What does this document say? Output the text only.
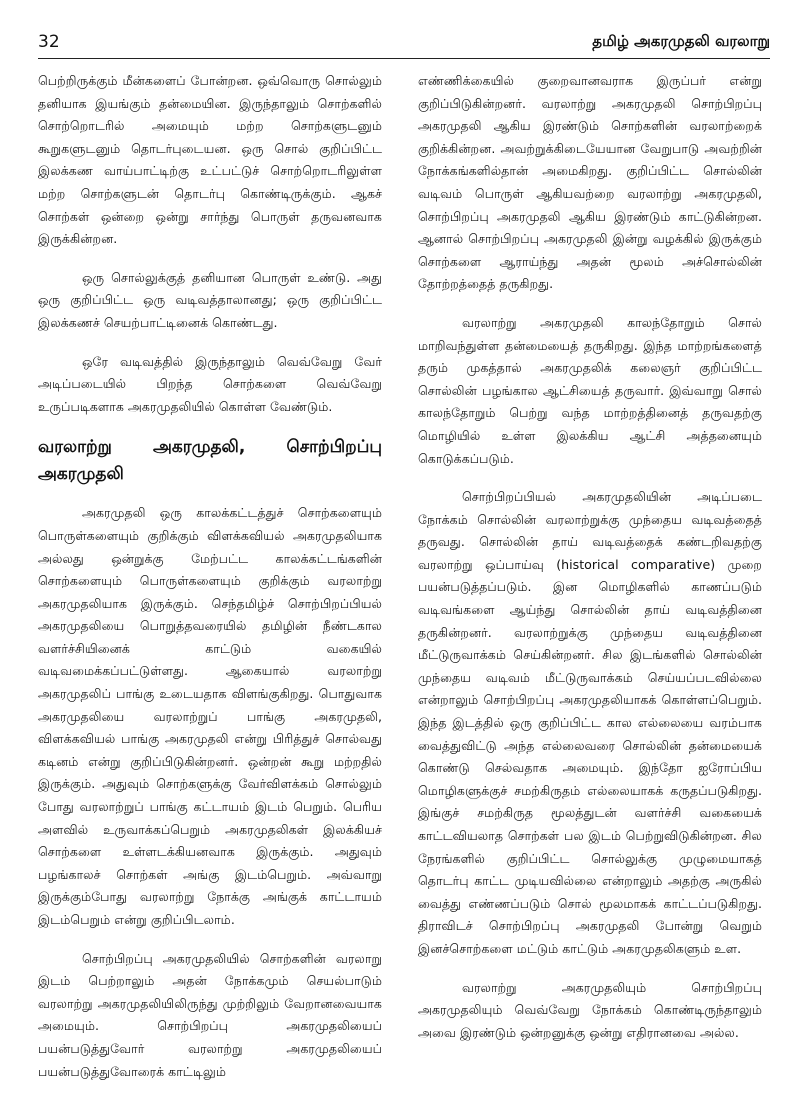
32	தமிழ் அகரமுதலி வரலாறு

பெற்றிருக்கும் மீன்களைப் போன்றன. ஒவ்வொரு சொல்லும் தனியாக இயங்கும் தன்மையின. இருந்தாலும் சொற்களில் சொற்றொடரில் அமையும் மற்ற சொற்களுடனும் கூறுகளுடனும் தொடர்புடையன. ஒரு சொல் குறிப்பிட்ட இலக்கண வாய்பாட்டிற்கு உட்பட்டுச் சொற்றொடரிலுள்ள மற்ற சொற்களுடன் தொடர்பு கொண்டிருக்கும். ஆகச் சொற்கள் ஒன்றை ஒன்று சார்ந்து பொருள் தருவனவாக இருக்கின்றன.

ஒரு சொல்லுக்குத் தனியான பொருள் உண்டு. அது ஒரு குறிப்பிட்ட ஒரு வடிவத்தாலானது; ஒரு குறிப்பிட்ட இலக்கணச் செயற்பாட்டினைக் கொண்டது.

ஒரே வடிவத்தில் இருந்தாலும் வெவ்வேறு வேர் அடிப்படையில் பிறந்த சொற்களை வெவ்வேறு உருப்படிகளாக அகரமுதலியில் கொள்ள வேண்டும்.

வரலாற்று அகரமுதலி, சொற்பிறப்பு அகரமுதலி

அகரமுதலி ஒரு காலக்கட்டத்துச் சொற்களையும் பொருள்களையும் குறிக்கும் விளக்கவியல் அகரமுதலியாக அல்லது ஒன்றுக்கு மேற்பட்ட காலக்கட்டங்களின் சொற்களையும் பொருள்களையும் குறிக்கும் வரலாற்று அகரமுதலியாக இருக்கும். செந்தமிழ்ச் சொற்பிறப்பியல் அகரமுதலியை பொறுத்தவரையில் தமிழின் நீண்டகால வளர்ச்சியினைக் காட்டும் வகையில் வடிவமைக்கப்பட்டுள்ளது. ஆகையால் வரலாற்று அகரமுதலிப் பாங்கு உடையதாக விளங்குகிறது. பொதுவாக அகரமுதலியை வரலாற்றுப் பாங்கு அகரமுதலி, விளக்கவியல் பாங்கு அகரமுதலி என்று பிரித்துச் சொல்வது கடினம் என்று குறிப்பிடுகின்றனர். ஒன்றன் கூறு மற்றதில் இருக்கும். அதுவும் சொற்களுக்கு வேர்விளக்கம் சொல்லும் போது வரலாற்றுப் பாங்கு கட்டாயம் இடம் பெறும். பெரிய அளவில் உருவாக்கப்பெறும் அகரமுதலிகள் இலக்கியச் சொற்களை உள்ளடக்கியனவாக இருக்கும். அதுவும் பழங்காலச் சொற்கள் அங்கு இடம்பெறும். அவ்வாறு இருக்கும்போது வரலாற்று நோக்கு அங்குக் காட்டாயம் இடம்பெறும் என்று குறிப்பிடலாம்.

சொற்பிறப்பு அகரமுதலியில் சொற்களின் வரலாறு இடம் பெற்றாலும் அதன் நோக்கமும் செயல்பாடும் வரலாற்று அகரமுதலியிலிருந்து முற்றிலும் வேறானவையாக அமையும். சொற்பிறப்பு அகரமுதலியைப் பயன்படுத்துவோர் வரலாற்று அகரமுதலியைப் பயன்படுத்துவோரைக் காட்டிலும்

எண்ணிக்கையில் குறைவானவராக இருப்பர் என்று குறிப்பிடுகின்றனர். வரலாற்று அகரமுதலி சொற்பிறப்பு அகரமுதலி ஆகிய இரண்டும் சொற்களின் வரலாற்றைக் குறிக்கின்றன. அவற்றுக்கிடையேயான வேறுபாடு அவற்றின் நோக்கங்களில்தான் அமைகிறது. குறிப்பிட்ட சொல்லின் வடிவம் பொருள் ஆகியவற்றை வரலாற்று அகரமுதலி, சொற்பிறப்பு அகரமுதலி ஆகிய இரண்டும் காட்டுகின்றன. ஆனால் சொற்பிறப்பு அகரமுதலி இன்று வழக்கில் இருக்கும் சொற்களை ஆராய்ந்து அதன் மூலம் அச்சொல்லின் தோற்றத்தைத் தருகிறது.

வரலாற்று அகரமுதலி காலந்தோறும் சொல் மாறிவந்துள்ள தன்மையைத் தருகிறது. இந்த மாற்றங்களைத் தரும் முகத்தால் அகரமுதலிக் கலைஞர் குறிப்பிட்ட சொல்லின் பழங்கால ஆட்சியைத் தருவார். இவ்வாறு சொல் காலந்தோறும் பெற்று வந்த மாற்றத்தினைத் தருவதற்கு மொழியில் உள்ள இலக்கிய ஆட்சி அத்தனையும் கொடுக்கப்படும்.

சொற்பிறப்பியல் அகரமுதலியின் அடிப்படை நோக்கம் சொல்லின் வரலாற்றுக்கு முந்தைய வடிவத்தைத் தருவது. சொல்லின் தாய் வடிவத்தைக் கண்டறிவதற்கு வரலாற்று ஒப்பாய்வு (historical comparative) முறை பயன்படுத்தப்படும். இன மொழிகளில் காணப்படும் வடிவங்களை ஆய்ந்து சொல்லின் தாய் வடிவத்தினை தருகின்றனர். வரலாற்றுக்கு முந்தைய வடிவத்தினை மீட்டுருவாக்கம் செய்கின்றனர். சில இடங்களில் சொல்லின் முந்தைய வடிவம் மீட்டுருவாக்கம் செய்யப்படவில்லை என்றாலும் சொற்பிறப்பு அகரமுதலியாகக் கொள்ளப்பெறும். இந்த இடத்தில் ஒரு குறிப்பிட்ட கால எல்லையை வரம்பாக வைத்துவிட்டு அந்த எல்லைவரை சொல்லின் தன்மையைக் கொண்டு செல்வதாக அமையும். இந்தோ ஐரோப்பிய மொழிகளுக்குச் சமற்கிருதம் எல்லையாகக் கருதப்படுகிறது. இங்குச் சமற்கிருத மூலத்துடன் வளர்ச்சி வகையைக் காட்டவியலாத சொற்கள் பல இடம் பெற்றுவிடுகின்றன. சில நேரங்களில் குறிப்பிட்ட சொல்லுக்கு முழுமையாகத் தொடர்பு காட்ட முடியவில்லை என்றாலும் அதற்கு அருகில் வைத்து எண்ணப்படும் சொல் மூலமாகக் காட்டப்படுகிறது. திராவிடச் சொற்பிறப்பு அகரமுதலி போன்று வெறும் இனச்சொற்களை மட்டும் காட்டும் அகரமுதலிகளும் உள.

வரலாற்று அகரமுதலியும் சொற்பிறப்பு அகரமுதலியும் வெவ்வேறு நோக்கம் கொண்டிருந்தாலும் அவை இரண்டும் ஒன்றனுக்கு ஒன்று எதிரானவை அல்ல.
